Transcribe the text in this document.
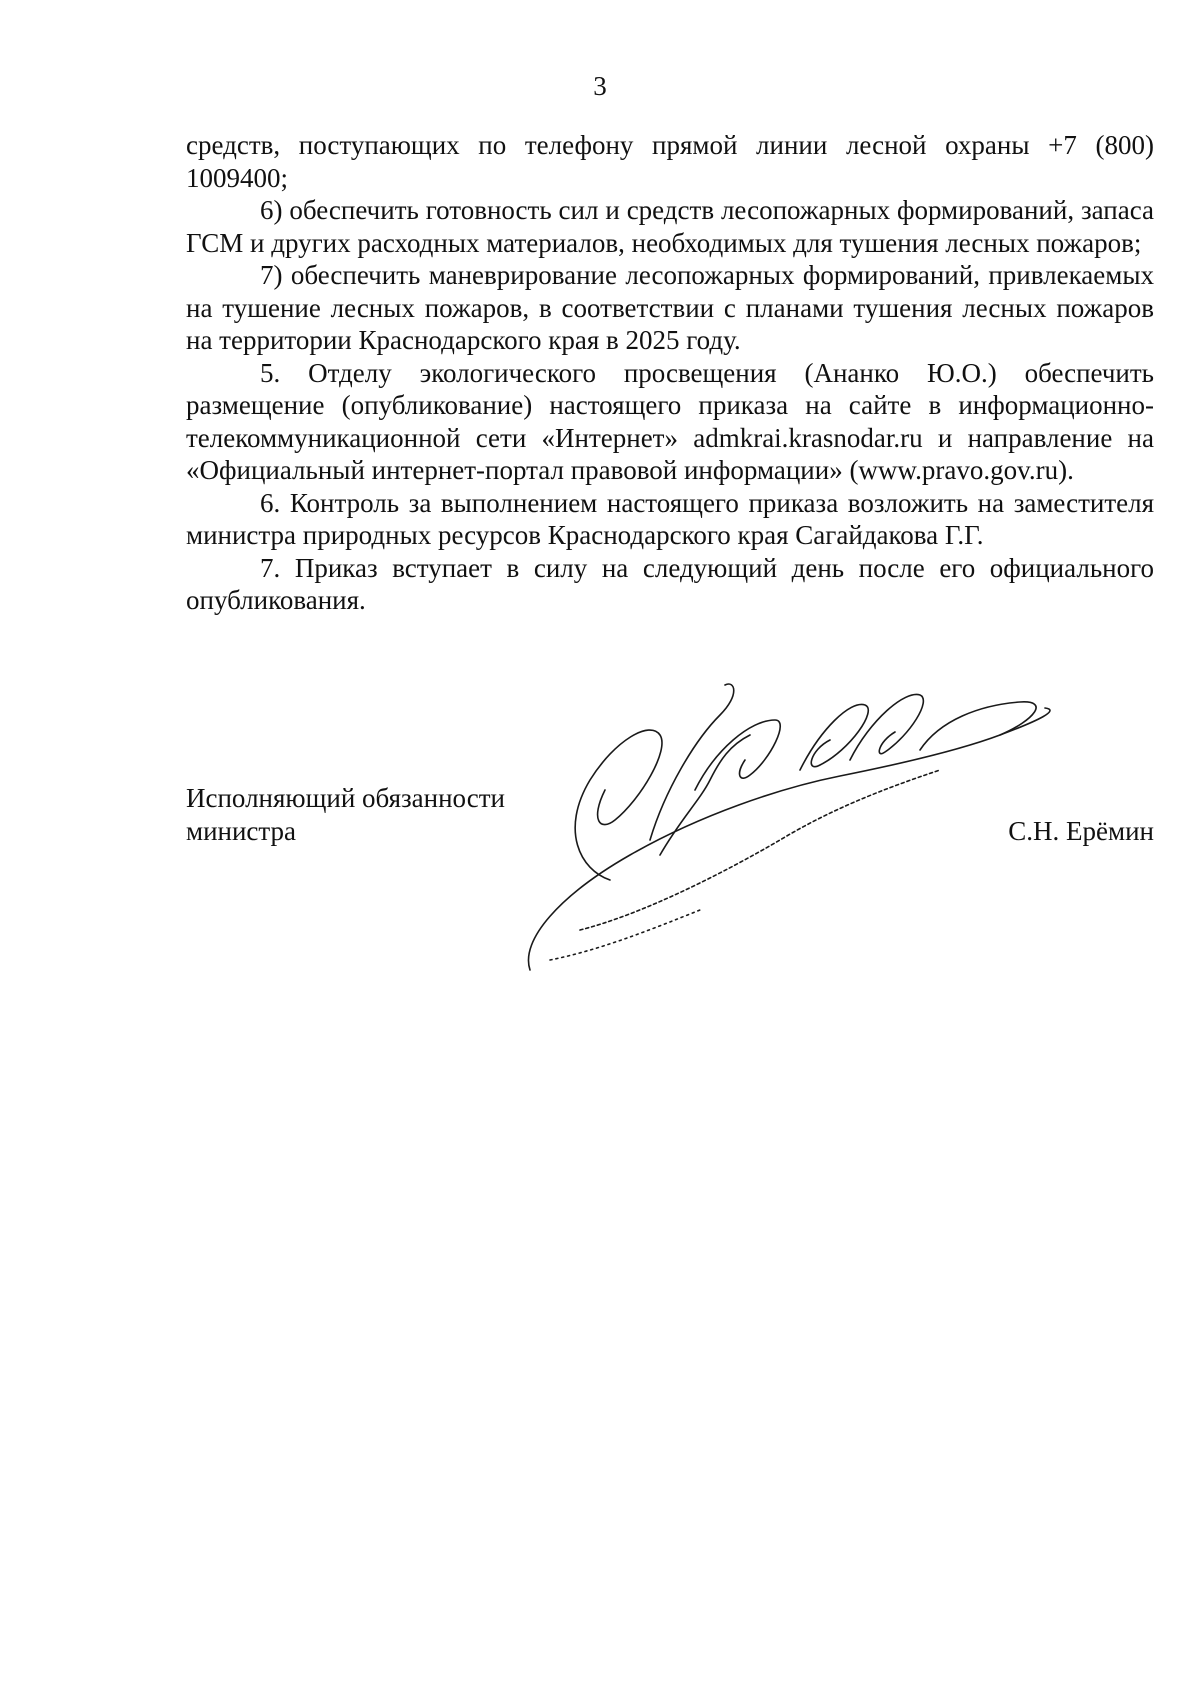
3

средств, поступающих по телефону прямой линии лесной охраны +7 (800) 1009400;

6) обеспечить готовность сил и средств лесопожарных формирований, запаса ГСМ и других расходных материалов, необходимых для тушения лесных пожаров;

7) обеспечить маневрирование лесопожарных формирований, привлекаемых на тушение лесных пожаров, в соответствии с планами тушения лесных пожаров на территории Краснодарского края в 2025 году.

5. Отделу экологического просвещения (Ананко Ю.О.) обеспечить размещение (опубликование) настоящего приказа на сайте в информационно-телекоммуникационной сети «Интернет» admkrai.krasnodar.ru и направление на «Официальный интернет-портал правовой информации» (www.pravo.gov.ru).

6. Контроль за выполнением настоящего приказа возложить на заместителя министра природных ресурсов Краснодарского края Сагайдакова Г.Г.

7. Приказ вступает в силу на следующий день после его официального опубликования.

Исполняющий обязанности
министра	С.Н. Ерёмин
